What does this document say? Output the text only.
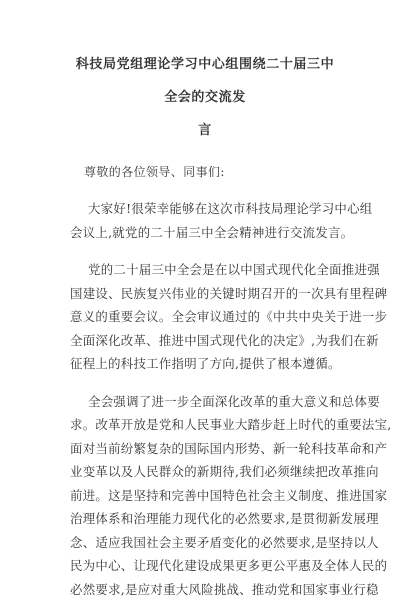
科技局党组理论学习中心组围绕二十届三中全会的交流发
言

尊敬的各位领导、同事们:

大家好!很荣幸能够在这次市科技局理论学习中心组
会议上,就党的二十届三中全会精神进行交流发言。

党的二十届三中全会是在以中国式现代化全面推进强
国建设、民族复兴伟业的关键时期召开的一次具有里程碑
意义的重要会议。全会审议通过的《中共中央关于进一步
全面深化改革、推进中国式现代化的决定》,为我们在新
征程上的科技工作指明了方向,提供了根本遵循。

全会强调了进一步全面深化改革的重大意义和总体要
求。改革开放是党和人民事业大踏步赶上时代的重要法宝,
面对当前纷繁复杂的国际国内形势、新一轮科技革命和产
业变革以及人民群众的新期待,我们必须继续把改革推向
前进。这是坚持和完善中国特色社会主义制度、推进国家
治理体系和治理能力现代化的必然要求,是贯彻新发展理
念、适应我国社会主要矛盾变化的必然要求,是坚持以人
民为中心、让现代化建设成果更多更公平惠及全体人民的
必然要求,是应对重大风险挑战、推动党和国家事业行稳
